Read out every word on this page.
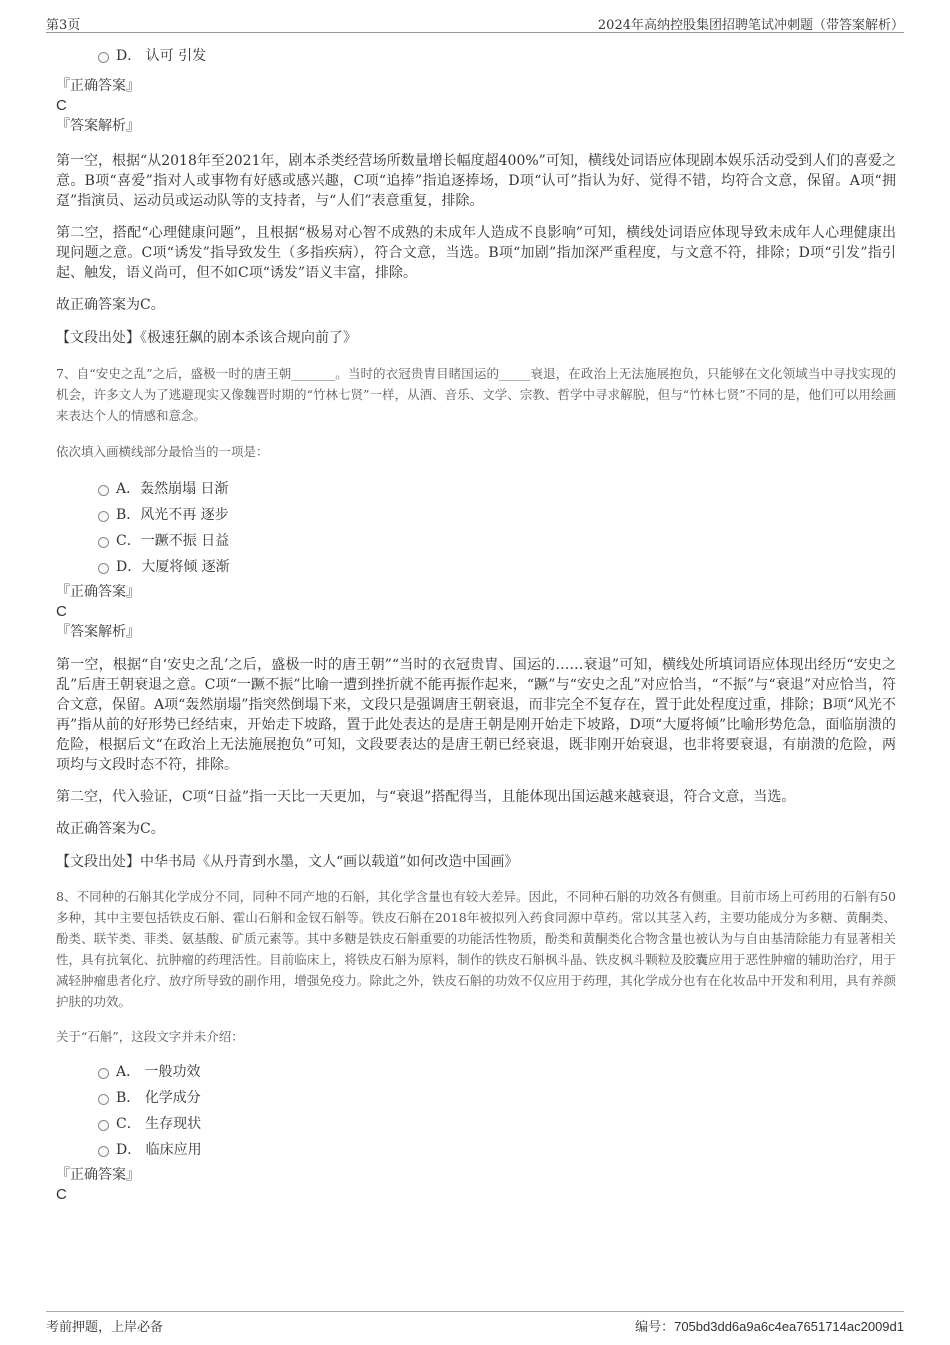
第3页	2024年高纳控股集团招聘笔试冲刺题（带答案解析）
D． 认可 引发
『正确答案』
C
『答案解析』

第一空，根据“从2018年至2021年，剧本杀类经营场所数量增长幅度超400%”可知，横线处词语应体现剧本娱乐活动受到人们的喜爱之意。B项“喜爱”指对人或事物有好感或感兴趣，C项“追捧”指追逐捧场，D项“认可”指认为好、觉得不错，均符合文意，保留。A项“拥趸”指演员、运动员或运动队等的支持者，与“人们”表意重复，排除。

第二空，搭配“心理健康问题”，且根据“极易对心智不成熟的未成年人造成不良影响”可知，横线处词语应体现导致未成年人心理健康出现问题之意。C项“诱发”指导致发生（多指疾病），符合文意，当选。B项“加剧”指加深严重程度，与文意不符，排除；D项“引发”指引起、触发，语义尚可，但不如C项“诱发”语义丰富，排除。

故正确答案为C。

【文段出处】《极速狂飙的剧本杀该合规向前了》

7、自“安史之乱”之后，盛极一时的唐王朝_______。当时的衣冠贵胄目睹国运的_____衰退，在政治上无法施展抱负，只能够在文化领域当中寻找实现的机会，许多文人为了逃避现实又像魏晋时期的“竹林七贤”一样，从酒、音乐、文学、宗教、哲学中寻求解脱，但与“竹林七贤”不同的是，他们可以用绘画来表达个人的情感和意念。

依次填入画横线部分最恰当的一项是：
A．轰然崩塌 日渐
B．风光不再 逐步
C．一蹶不振 日益
D．大厦将倾 逐渐
『正确答案』
C
『答案解析』

第一空，根据“自‘安史之乱’之后，盛极一时的唐王朝”“当时的衣冠贵胄、国运的……衰退”可知，横线处所填词语应体现出经历“安史之乱”后唐王朝衰退之意。C项“一蹶不振”比喻一遭到挫折就不能再振作起来，“蹶”与“安史之乱”对应恰当，“不振”与“衰退”对应恰当，符合文意，保留。A项“轰然崩塌”指突然倒塌下来，文段只是强调唐王朝衰退，而非完全不复存在，置于此处程度过重，排除；B项“风光不再”指从前的好形势已经结束，开始走下坡路，置于此处表达的是唐王朝是刚开始走下坡路，D项“大厦将倾”比喻形势危急，面临崩溃的危险，根据后文“在政治上无法施展抱负”可知，文段要表达的是唐王朝已经衰退，既非刚开始衰退，也非将要衰退，有崩溃的危险，两项均与文段时态不符，排除。

第二空，代入验证，C项“日益”指一天比一天更加，与“衰退”搭配得当，且能体现出国运越来越衰退，符合文意，当选。

故正确答案为C。

【文段出处】中华书局《从丹青到水墨，文人“画以载道”如何改造中国画》

8、不同种的石斛其化学成分不同，同种不同产地的石斛，其化学含量也有较大差异。因此，不同种石斛的功效各有侧重。目前市场上可药用的石斛有50多种，其中主要包括铁皮石斛、霍山石斛和金钗石斛等。铁皮石斛在2018年被拟列入药食同源中草药。常以其茎入药，主要功能成分为多糖、黄酮类、酚类、联苄类、菲类、氨基酸、矿质元素等。其中多糖是铁皮石斛重要的功能活性物质，酚类和黄酮类化合物含量也被认为与自由基清除能力有显著相关性，具有抗氧化、抗肿瘤的药理活性。目前临床上，将铁皮石斛为原料，制作的铁皮石斛枫斗晶、铁皮枫斗颗粒及胶囊应用于恶性肿瘤的辅助治疗，用于减轻肿瘤患者化疗、放疗所导致的副作用，增强免疫力。除此之外，铁皮石斛的功效不仅应用于药理，其化学成分也有在化妆品中开发和利用，具有养颜护肤的功效。

关于“石斛”，这段文字并未介绍：
A． 一般功效
B． 化学成分
C． 生存现状
D． 临床应用
『正确答案』
C
考前押题，上岸必备	编号：705bd3dd6a9a6c4ea7651714ac2009d1
